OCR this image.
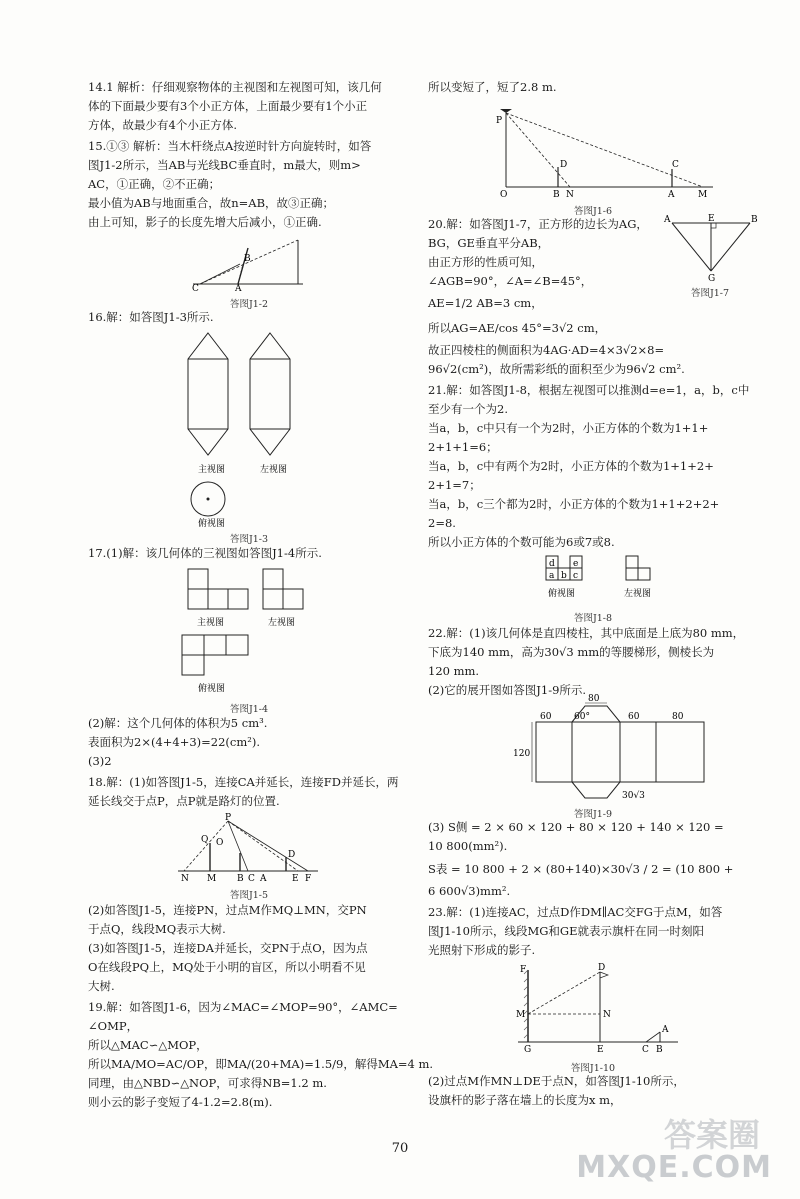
14.1 解析：仔细观察物体的主视图和左视图可知，该几何
体的下面最少要有3个小正方体，上面最少要有1个小正
方体，故最少有4个小正方体.
15.①③ 解析：当木杆绕点A按逆时针方向旋转时，如答
图J1-2所示，当AB与光线BC垂直时，m最大，则m>
AC，①正确，②不正确；
最小值为AB与地面重合，故n=AB，故③正确；
由上可知，影子的长度先增大后减小，①正确.
C	A
B
答图J1-2
16.解：如答图J1-3所示.
主视图	左视图
俯视图
答图J1-3
17.(1)解：该几何体的三视图如答图J1-4所示.
主视图	左视图
俯视图
答图J1-4
(2)解：这个几何体的体积为5 cm³.
表面积为2×(4+4+3)=22(cm²).
(3)2
18.解：(1)如答图J1-5，连接CA并延长，连接FD并延长，两
延长线交于点P，点P就是路灯的位置.
P
Q O
D
N M B C A	E F
答图J1-5
(2)如答图J1-5，连接PN，过点M作MQ⊥MN，交PN
于点Q，线段MQ表示大树.
(3)如答图J1-5，连接DA并延长，交PN于点O，因为点
O在线段PQ上，MQ处于小明的盲区，所以小明看不见
大树.
19.解：如答图J1-6，因为∠MAC=∠MOP=90°，∠AMC=
∠OMP，
所以△MAC∽△MOP，
所以MA/MO=AC/OP，即MA/(20+MA)=1.5/9，解得MA=4 m.
同理，由△NBD∽△NOP，可求得NB=1.2 m.
则小云的影子变短了4-1.2=2.8(m).
所以变短了，短了2.8 m.
P
D	C
O	B N	A	M
答图J1-6
20.解：如答图J1-7，正方形的边长为AG，
BG，GE垂直平分AB，
由正方形的性质可知，
∠AGB=90°，∠A=∠B=45°，
AE=1/2 AB=3 cm，
所以AG=AE/cos 45°=3√2 cm，
故正四棱柱的侧面积为4AG·AD=4×3√2×8=
96√2(cm²)，故所需彩纸的面积至少为96√2 cm².
A	E	B
G
答图J1-7
21.解：如答图J1-8，根据左视图可以推测d=e=1，a，b，c中
至少有一个为2.
当a，b，c中只有一个为2时，小正方体的个数为1+1+
2+1+1=6；
当a，b，c中有两个为2时，小正方体的个数为1+1+2+
2+1=7；
当a，b，c三个都为2时，小正方体的个数为1+1+2+2+
2=8.
所以小正方体的个数可能为6或7或8.
d e
a b c
俯视图	左视图
答图J1-8
22.解：(1)该几何体是直四棱柱，其中底面是上底为80 mm，
下底为140 mm，高为30√3 mm的等腰梯形，侧棱长为
120 mm.
(2)它的展开图如答图J1-9所示.
80
60	60°	60	80
120
30√3
答图J1-9
(3) S侧 = 2 × 60 × 120 + 80 × 120 + 140 × 120 =
10 800(mm²).
S表 = 10 800 + 2 × (80+140)×30√3 / 2 = (10 800 +
6 600√3)mm².
23.解：(1)连接AC，过点D作DM∥AC交FG于点M，如答
图J1-10所示，线段MG和GE就表示旗杆在同一时刻阳
光照射下形成的影子.
F	D
M	N
E
G	C B
A
答图J1-10
(2)过点M作MN⊥DE于点N，如答图J1-10所示，
设旗杆的影子落在墙上的长度为x m，
70	答案圈
MXQE.COM
